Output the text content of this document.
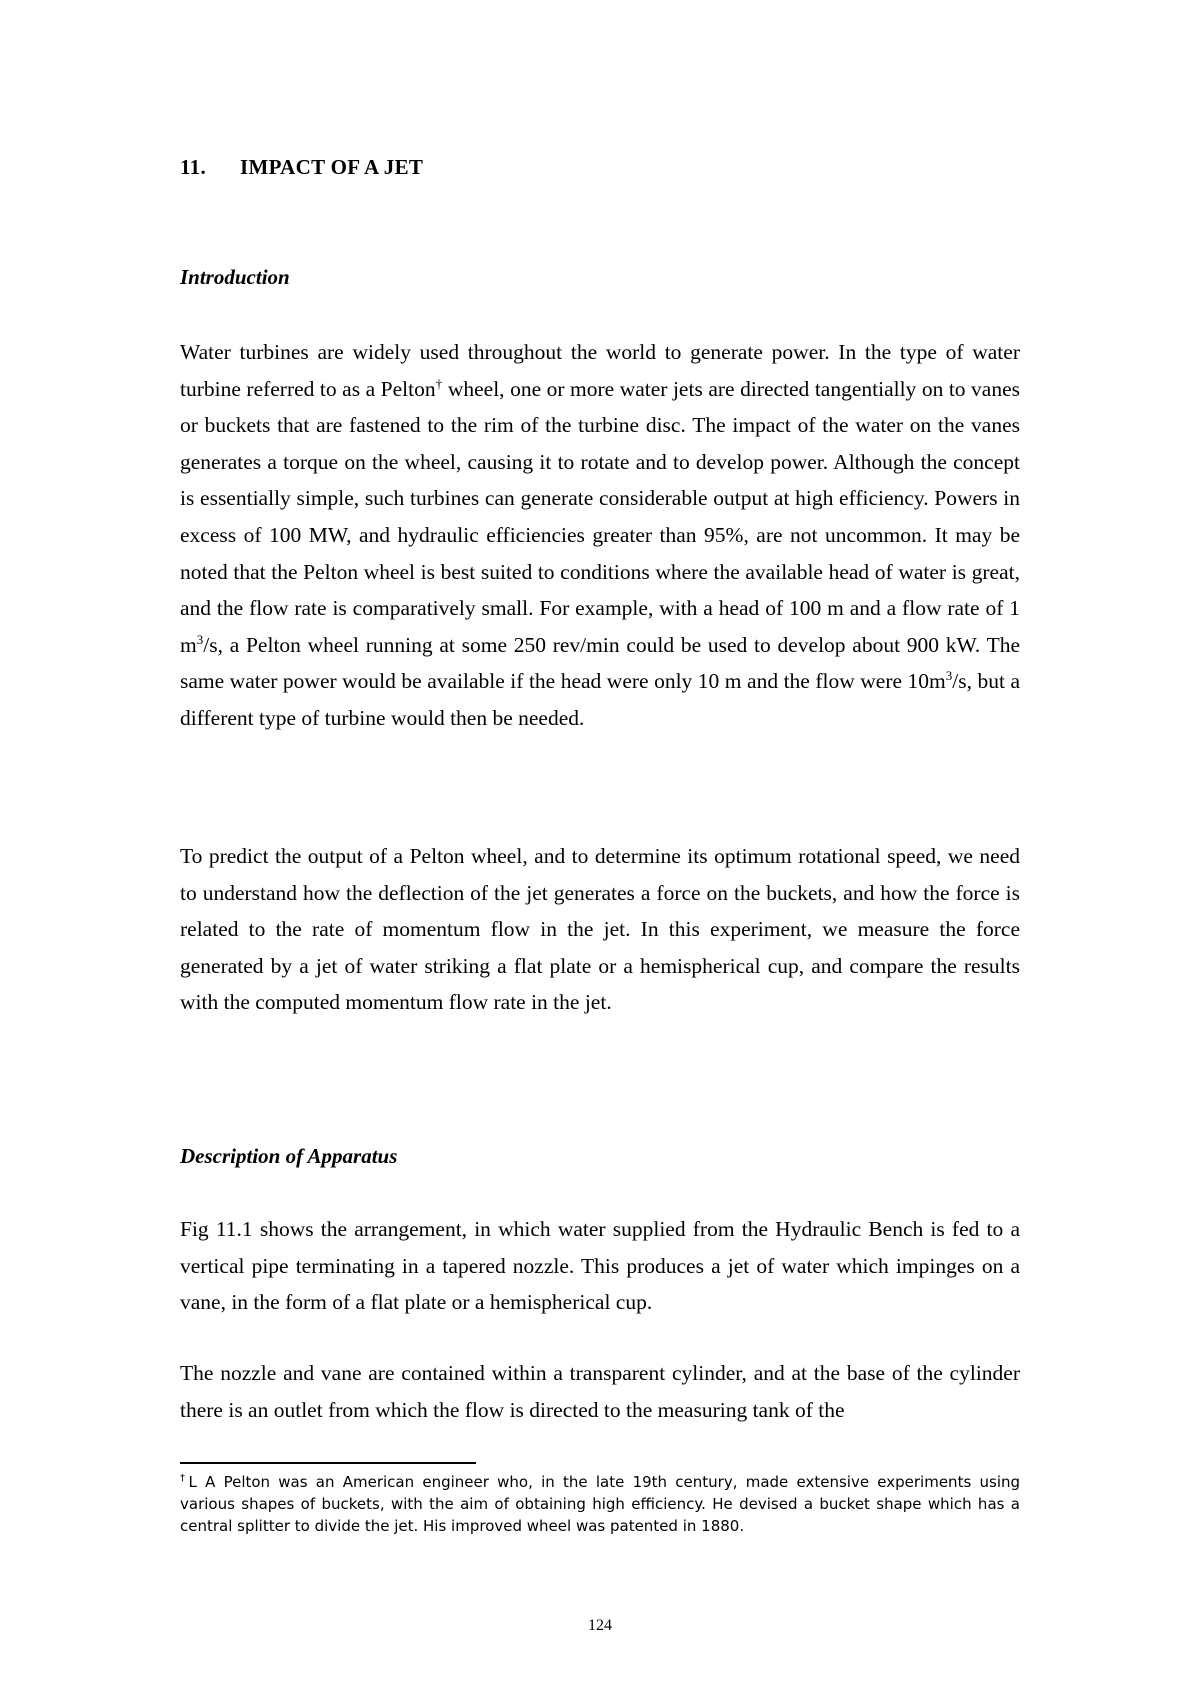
11. IMPACT OF A JET
Introduction

Water turbines are widely used throughout the world to generate power. In the type of water turbine referred to as a Pelton† wheel, one or more water jets are directed tangentially on to vanes or buckets that are fastened to the rim of the turbine disc. The impact of the water on the vanes generates a torque on the wheel, causing it to rotate and to develop power. Although the concept is essentially simple, such turbines can generate considerable output at high efficiency. Powers in excess of 100 MW, and hydraulic efficiencies greater than 95%, are not uncommon. It may be noted that the Pelton wheel is best suited to conditions where the available head of water is great, and the flow rate is comparatively small. For example, with a head of 100 m and a flow rate of 1 $m^3/s$, a Pelton wheel running at some 250 rev/min could be used to develop about 900 kW. The same water power would be available if the head were only 10 m and the flow were $10m^3/s$, but a different type of turbine would then be needed.

To predict the output of a Pelton wheel, and to determine its optimum rotational speed, we need to understand how the deflection of the jet generates a force on the buckets, and how the force is related to the rate of momentum flow in the jet. In this experiment, we measure the force generated by a jet of water striking a flat plate or a hemispherical cup, and compare the results with the computed momentum flow rate in the jet.

Description of Apparatus

Fig 11.1 shows the arrangement, in which water supplied from the Hydraulic Bench is fed to a vertical pipe terminating in a tapered nozzle. This produces a jet of water which impinges on a vane, in the form of a flat plate or a hemispherical cup.

The nozzle and vane are contained within a transparent cylinder, and at the base of the cylinder there is an outlet from which the flow is directed to the measuring tank of the

†L A Pelton was an American engineer who, in the late 19th century, made extensive experiments using various shapes of buckets, with the aim of obtaining high efficiency. He devised a bucket shape which has a central splitter to divide the jet. His improved wheel was patented in 1880.

124
